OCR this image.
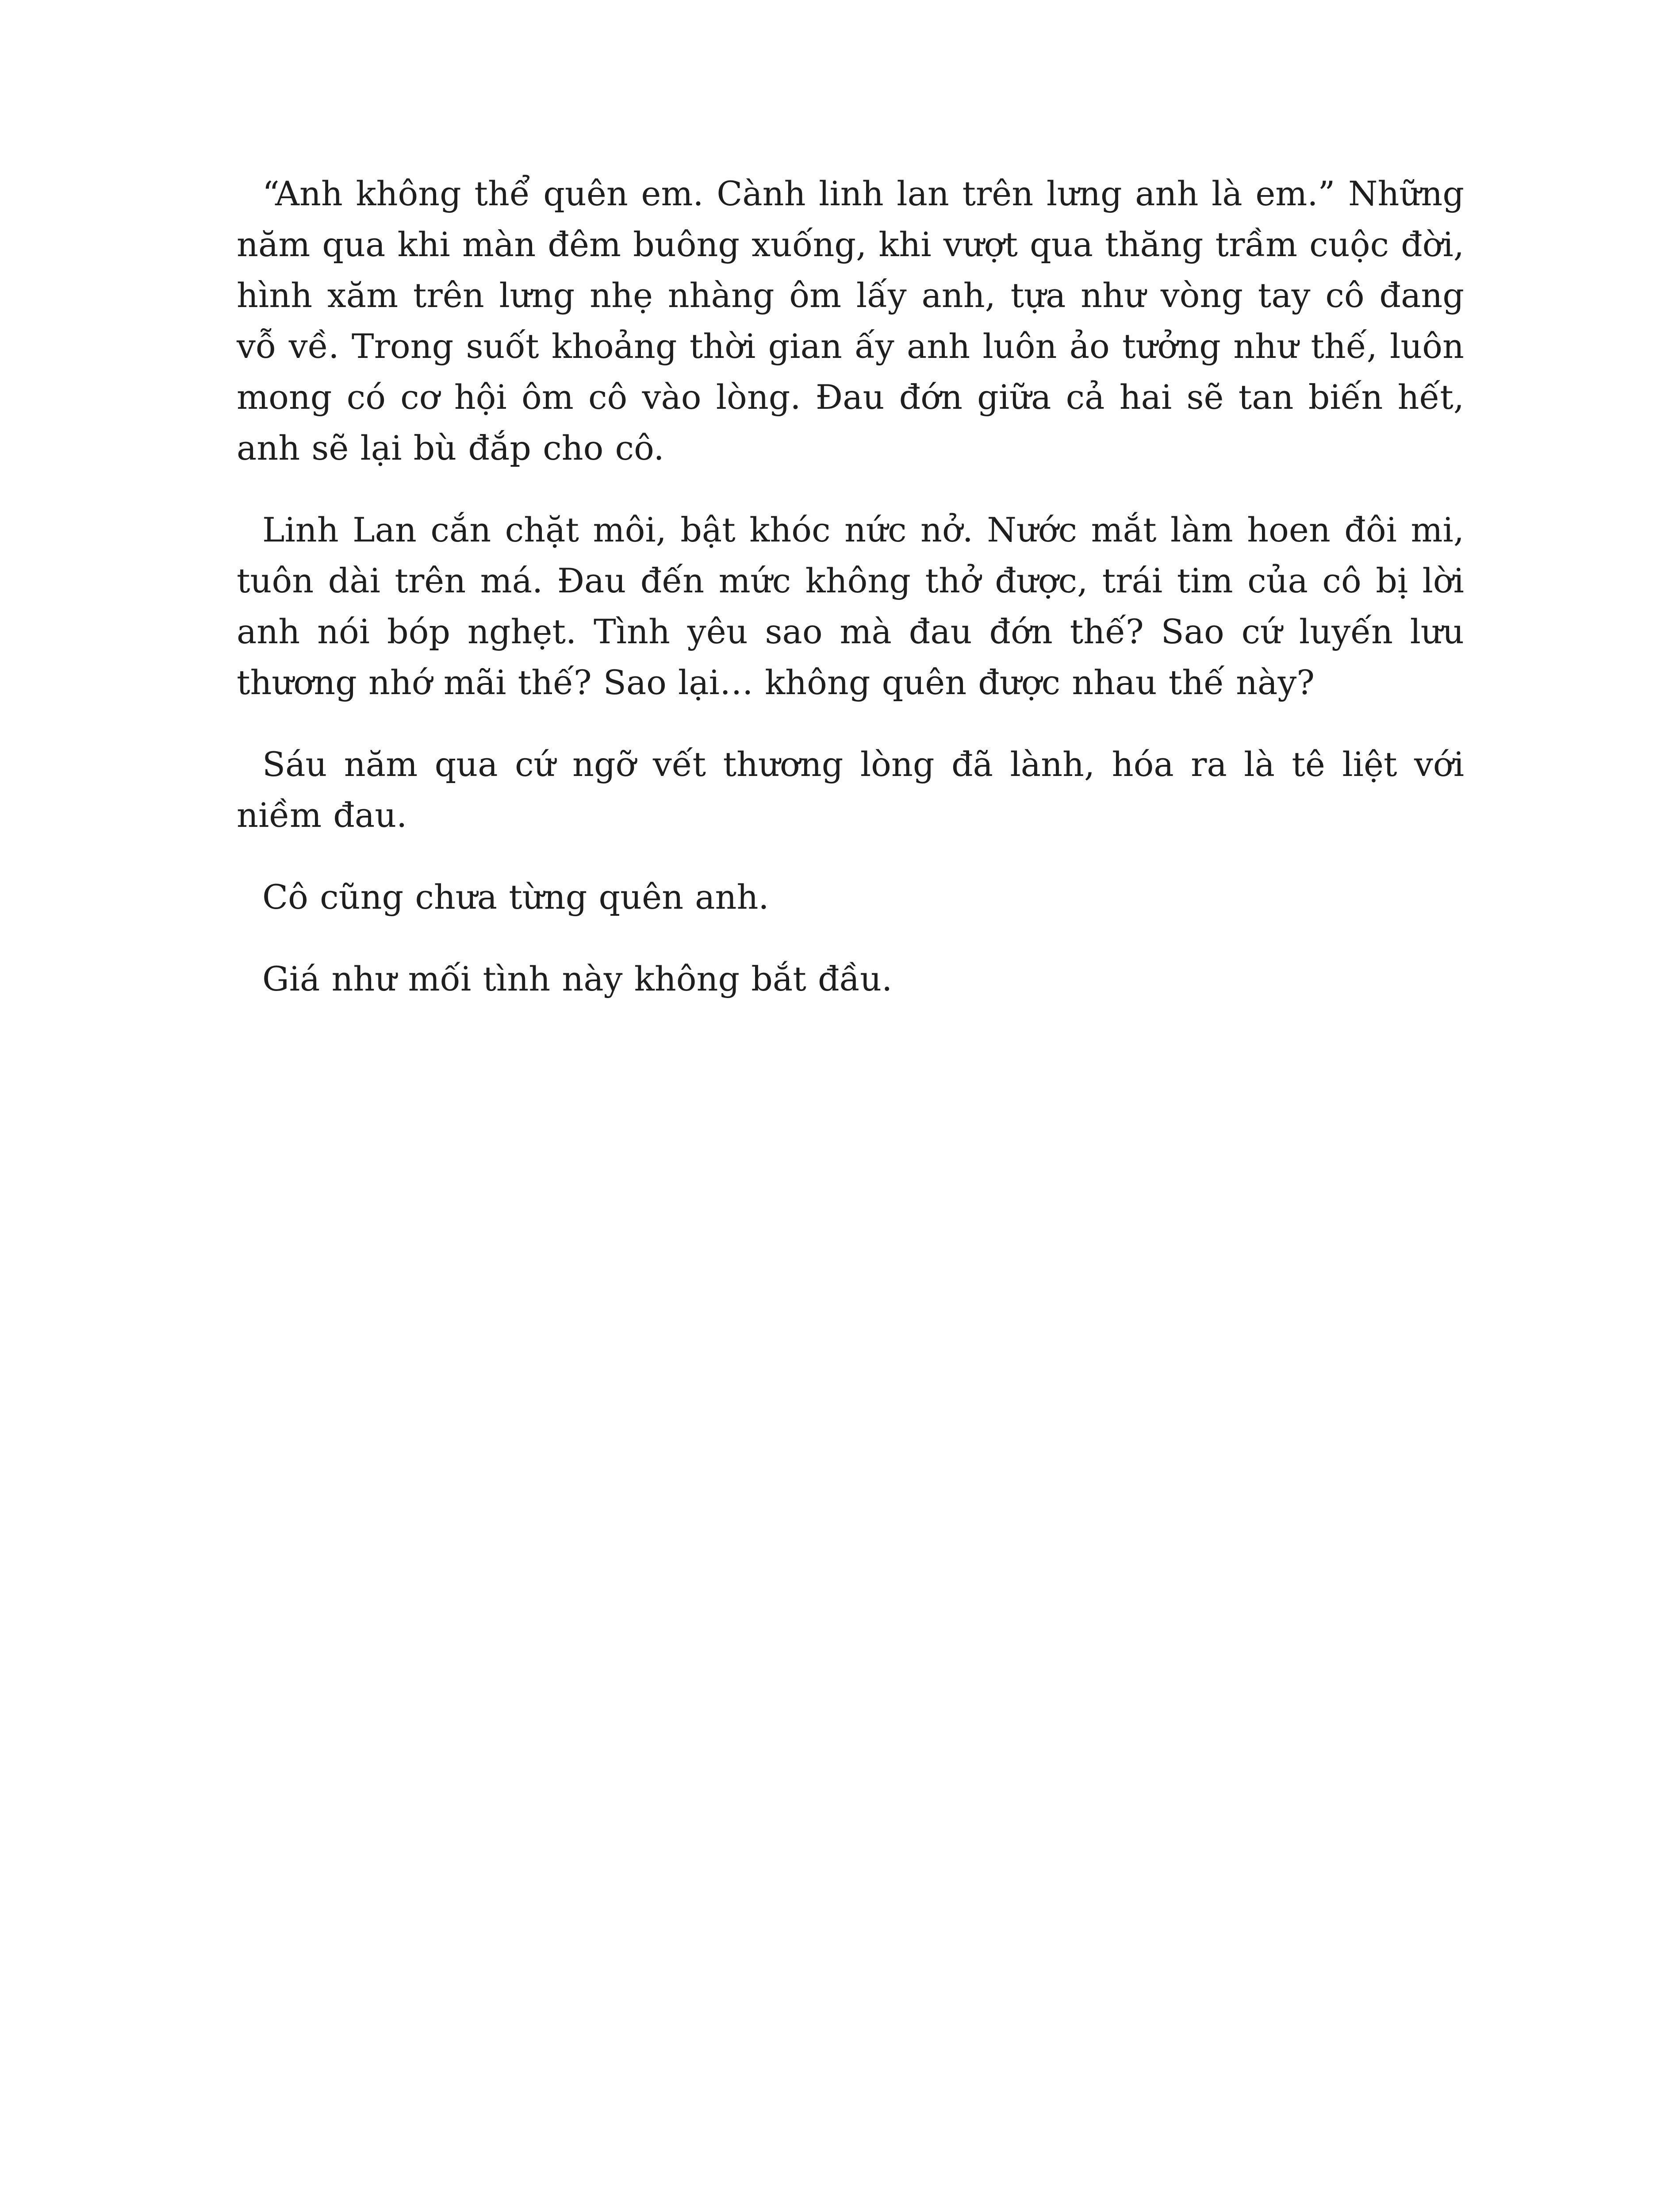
“Anh không thể quên em. Cành linh lan trên lưng anh là em.” Những năm qua khi màn đêm buông xuống, khi vượt qua thăng trầm cuộc đời, hình xăm trên lưng nhẹ nhàng ôm lấy anh, tựa như vòng tay cô đang vỗ về. Trong suốt khoảng thời gian ấy anh luôn ảo tưởng như thế, luôn mong có cơ hội ôm cô vào lòng. Đau đớn giữa cả hai sẽ tan biến hết, anh sẽ lại bù đắp cho cô.

Linh Lan cắn chặt môi, bật khóc nức nở. Nước mắt làm hoen đôi mi, tuôn dài trên má. Đau đến mức không thở được, trái tim của cô bị lời anh nói bóp nghẹt. Tình yêu sao mà đau đớn thế? Sao cứ luyến lưu thương nhớ mãi thế? Sao lại… không quên được nhau thế này?

Sáu năm qua cứ ngỡ vết thương lòng đã lành, hóa ra là tê liệt với niềm đau.

Cô cũng chưa từng quên anh.

Giá như mối tình này không bắt đầu.
